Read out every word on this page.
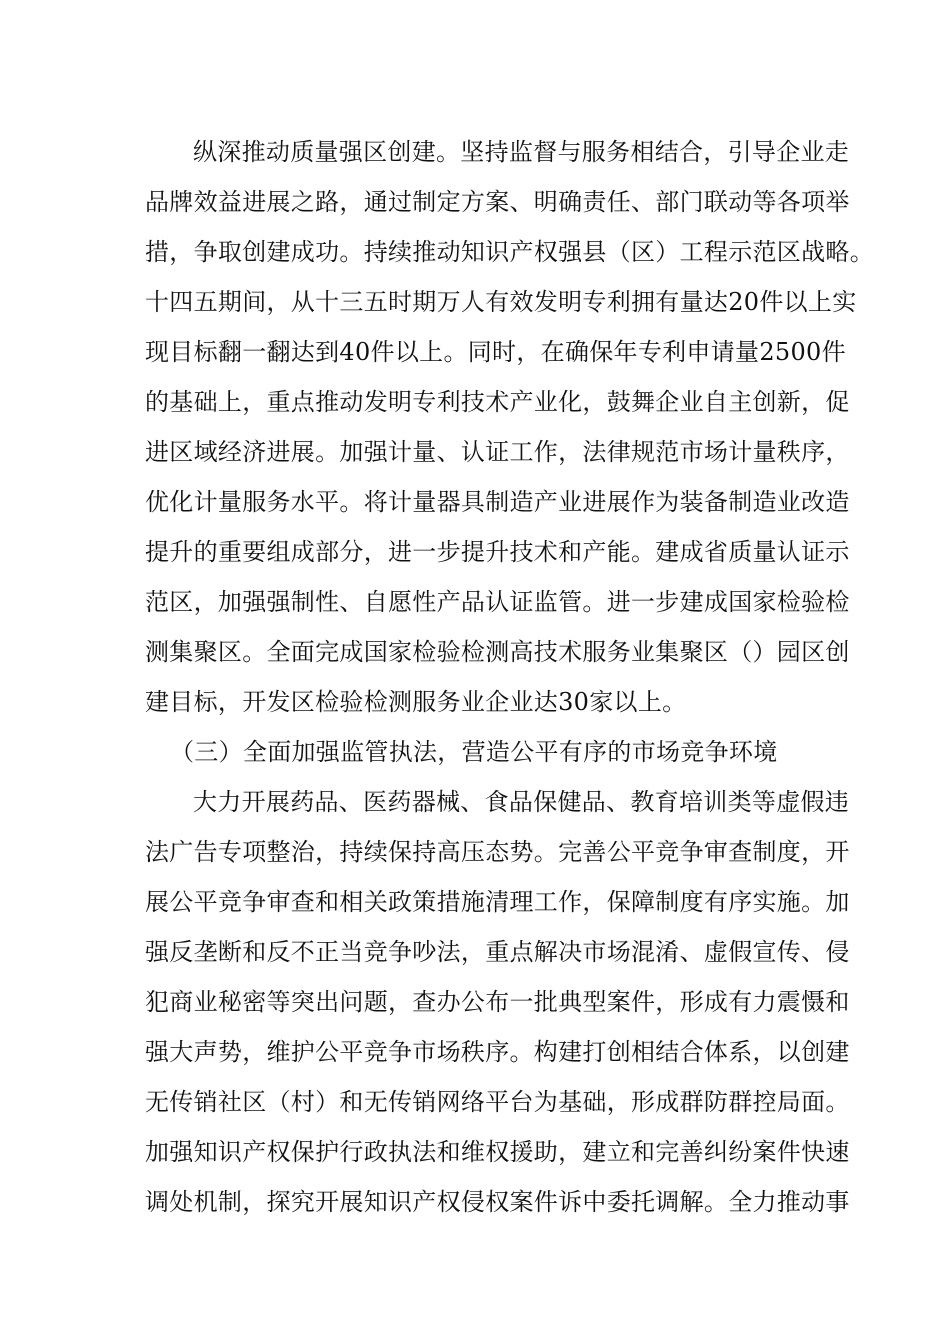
纵深推动质量强区创建。坚持监督与服务相结合，引导企业走
品牌效益进展之路，通过制定方案、明确责任、部门联动等各项举
措，争取创建成功。持续推动知识产权强县（区）工程示范区战略。
十四五期间，从十三五时期万人有效发明专利拥有量达20件以上实
现目标翻一翻达到40件以上。同时，在确保年专利申请量2500件
的基础上，重点推动发明专利技术产业化，鼓舞企业自主创新，促
进区域经济进展。加强计量、认证工作，法律规范市场计量秩序，
优化计量服务水平。将计量器具制造产业进展作为装备制造业改造
提升的重要组成部分，进一步提升技术和产能。建成省质量认证示
范区，加强强制性、自愿性产品认证监管。进一步建成国家检验检
测集聚区。全面完成国家检验检测高技术服务业集聚区（）园区创
建目标，开发区检验检测服务业企业达30家以上。
（三）全面加强监管执法，营造公平有序的市场竞争环境
大力开展药品、医药器械、食品保健品、教育培训类等虚假违
法广告专项整治，持续保持高压态势。完善公平竞争审查制度，开
展公平竞争审查和相关政策措施清理工作，保障制度有序实施。加
强反垄断和反不正当竞争吵法，重点解决市场混淆、虚假宣传、侵
犯商业秘密等突出问题，查办公布一批典型案件，形成有力震慑和
强大声势，维护公平竞争市场秩序。构建打创相结合体系，以创建
无传销社区（村）和无传销网络平台为基础，形成群防群控局面。
加强知识产权保护行政执法和维权援助，建立和完善纠纷案件快速
调处机制，探究开展知识产权侵权案件诉中委托调解。全力推动事
